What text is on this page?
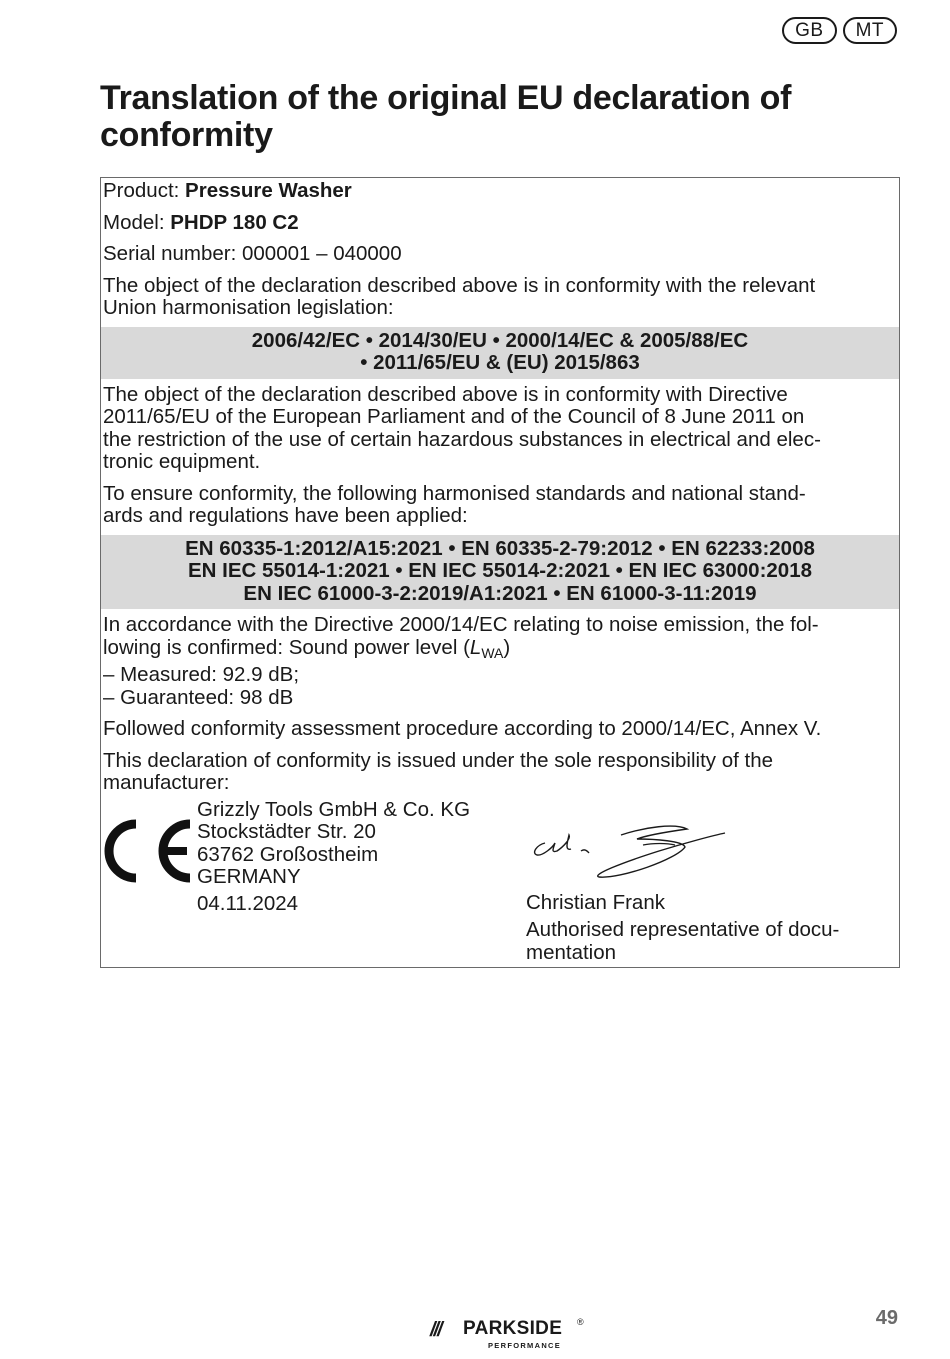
GB	MT
Translation of the original EU declaration of conformity
Product: Pressure Washer
Model: PHDP 180 C2
Serial number: 000001 – 040000
The object of the declaration described above is in conformity with the relevant
Union harmonisation legislation:
2006/42/EC • 2014/30/EU • 2000/14/EC & 2005/88/EC
• 2011/65/EU & (EU) 2015/863
The object of the declaration described above is in conformity with Directive
2011/65/EU of the European Parliament and of the Council of 8 June 2011 on
the restriction of the use of certain hazardous substances in electrical and elec-
tronic equipment.
To ensure conformity, the following harmonised standards and national stand-
ards and regulations have been applied:
EN 60335-1:2012/A15:2021 • EN 60335-2-79:2012 • EN 62233:2008
EN IEC 55014-1:2021 • EN IEC 55014-2:2021 • EN IEC 63000:2018
EN IEC 61000-3-2:2019/A1:2021 • EN 61000-3-11:2019
In accordance with the Directive 2000/14/EC relating to noise emission, the fol-
lowing is confirmed: Sound power level $(L_{WA})$
– Measured: 92.9 dB;
– Guaranteed: 98 dB
Followed conformity assessment procedure according to 2000/14/EC, Annex V.
This declaration of conformity is issued under the sole responsibility of the
manufacturer:
Grizzly Tools GmbH & Co. KG
Stockstädter Str. 20
63762 Großostheim
GERMANY
04.11.2024	Christian Frank
Authorised representative of docu-
mentation
/// PARKSIDE ®
PERFORMANCE
49
